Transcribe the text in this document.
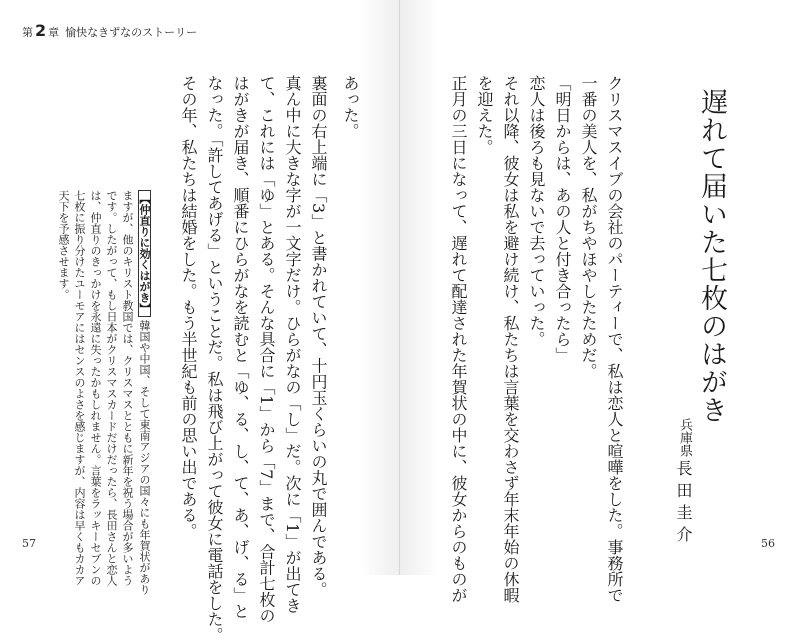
第 2 章 愉快なきずなのストーリー
あった。
裏面の右上端に「3」と書かれていて、十円玉くらいの丸で囲んである。
真ん中に大きな字が一文字だけ。ひらがなの「し」だ。次に「1」が出てき
て、これには「ゆ」とある。そんな具合に「1」から「7」まで、合計七枚の
はがきが届き、順番にひらがなを読むと「ゆ、る、し、て、あ、げ、る」と
なった。「許してあげる」ということだ。私は飛び上がって彼女に電話をした。
その年、私たちは結婚をした。もう半世紀も前の思い出である。
【仲直りに効くはがき】韓国や中国、そして東南アジアの国々にも年賀状があり
ますが、他のキリスト教国では、クリスマスとともに新年を祝う場合が多いよう
です。したがって、もし日本がクリスマスカードだけだったら、長田さんと恋人
は、仲直りのきっかけを永遠に失ったかもしれません。言葉をラッキーセブンの
七枚に振り分けたユーモアにはセンスのよさを感じますが、内容は早くもカカア
天下を予感させます。
57	56
遅れて届いた七枚のはがき
兵庫県
長田圭介
クリスマスイブの会社のパーティーで、私は恋人と喧嘩をした。事務所で
一番の美人を、私がちやほやしたためだ。
「明日からは、あの人と付き合ったら」
恋人は後ろも見ないで去っていった。
それ以降、彼女は私を避け続け、私たちは言葉を交わさず年末年始の休暇
を迎えた。
正月の三日になって、遅れて配達された年賀状の中に、彼女からのものが
